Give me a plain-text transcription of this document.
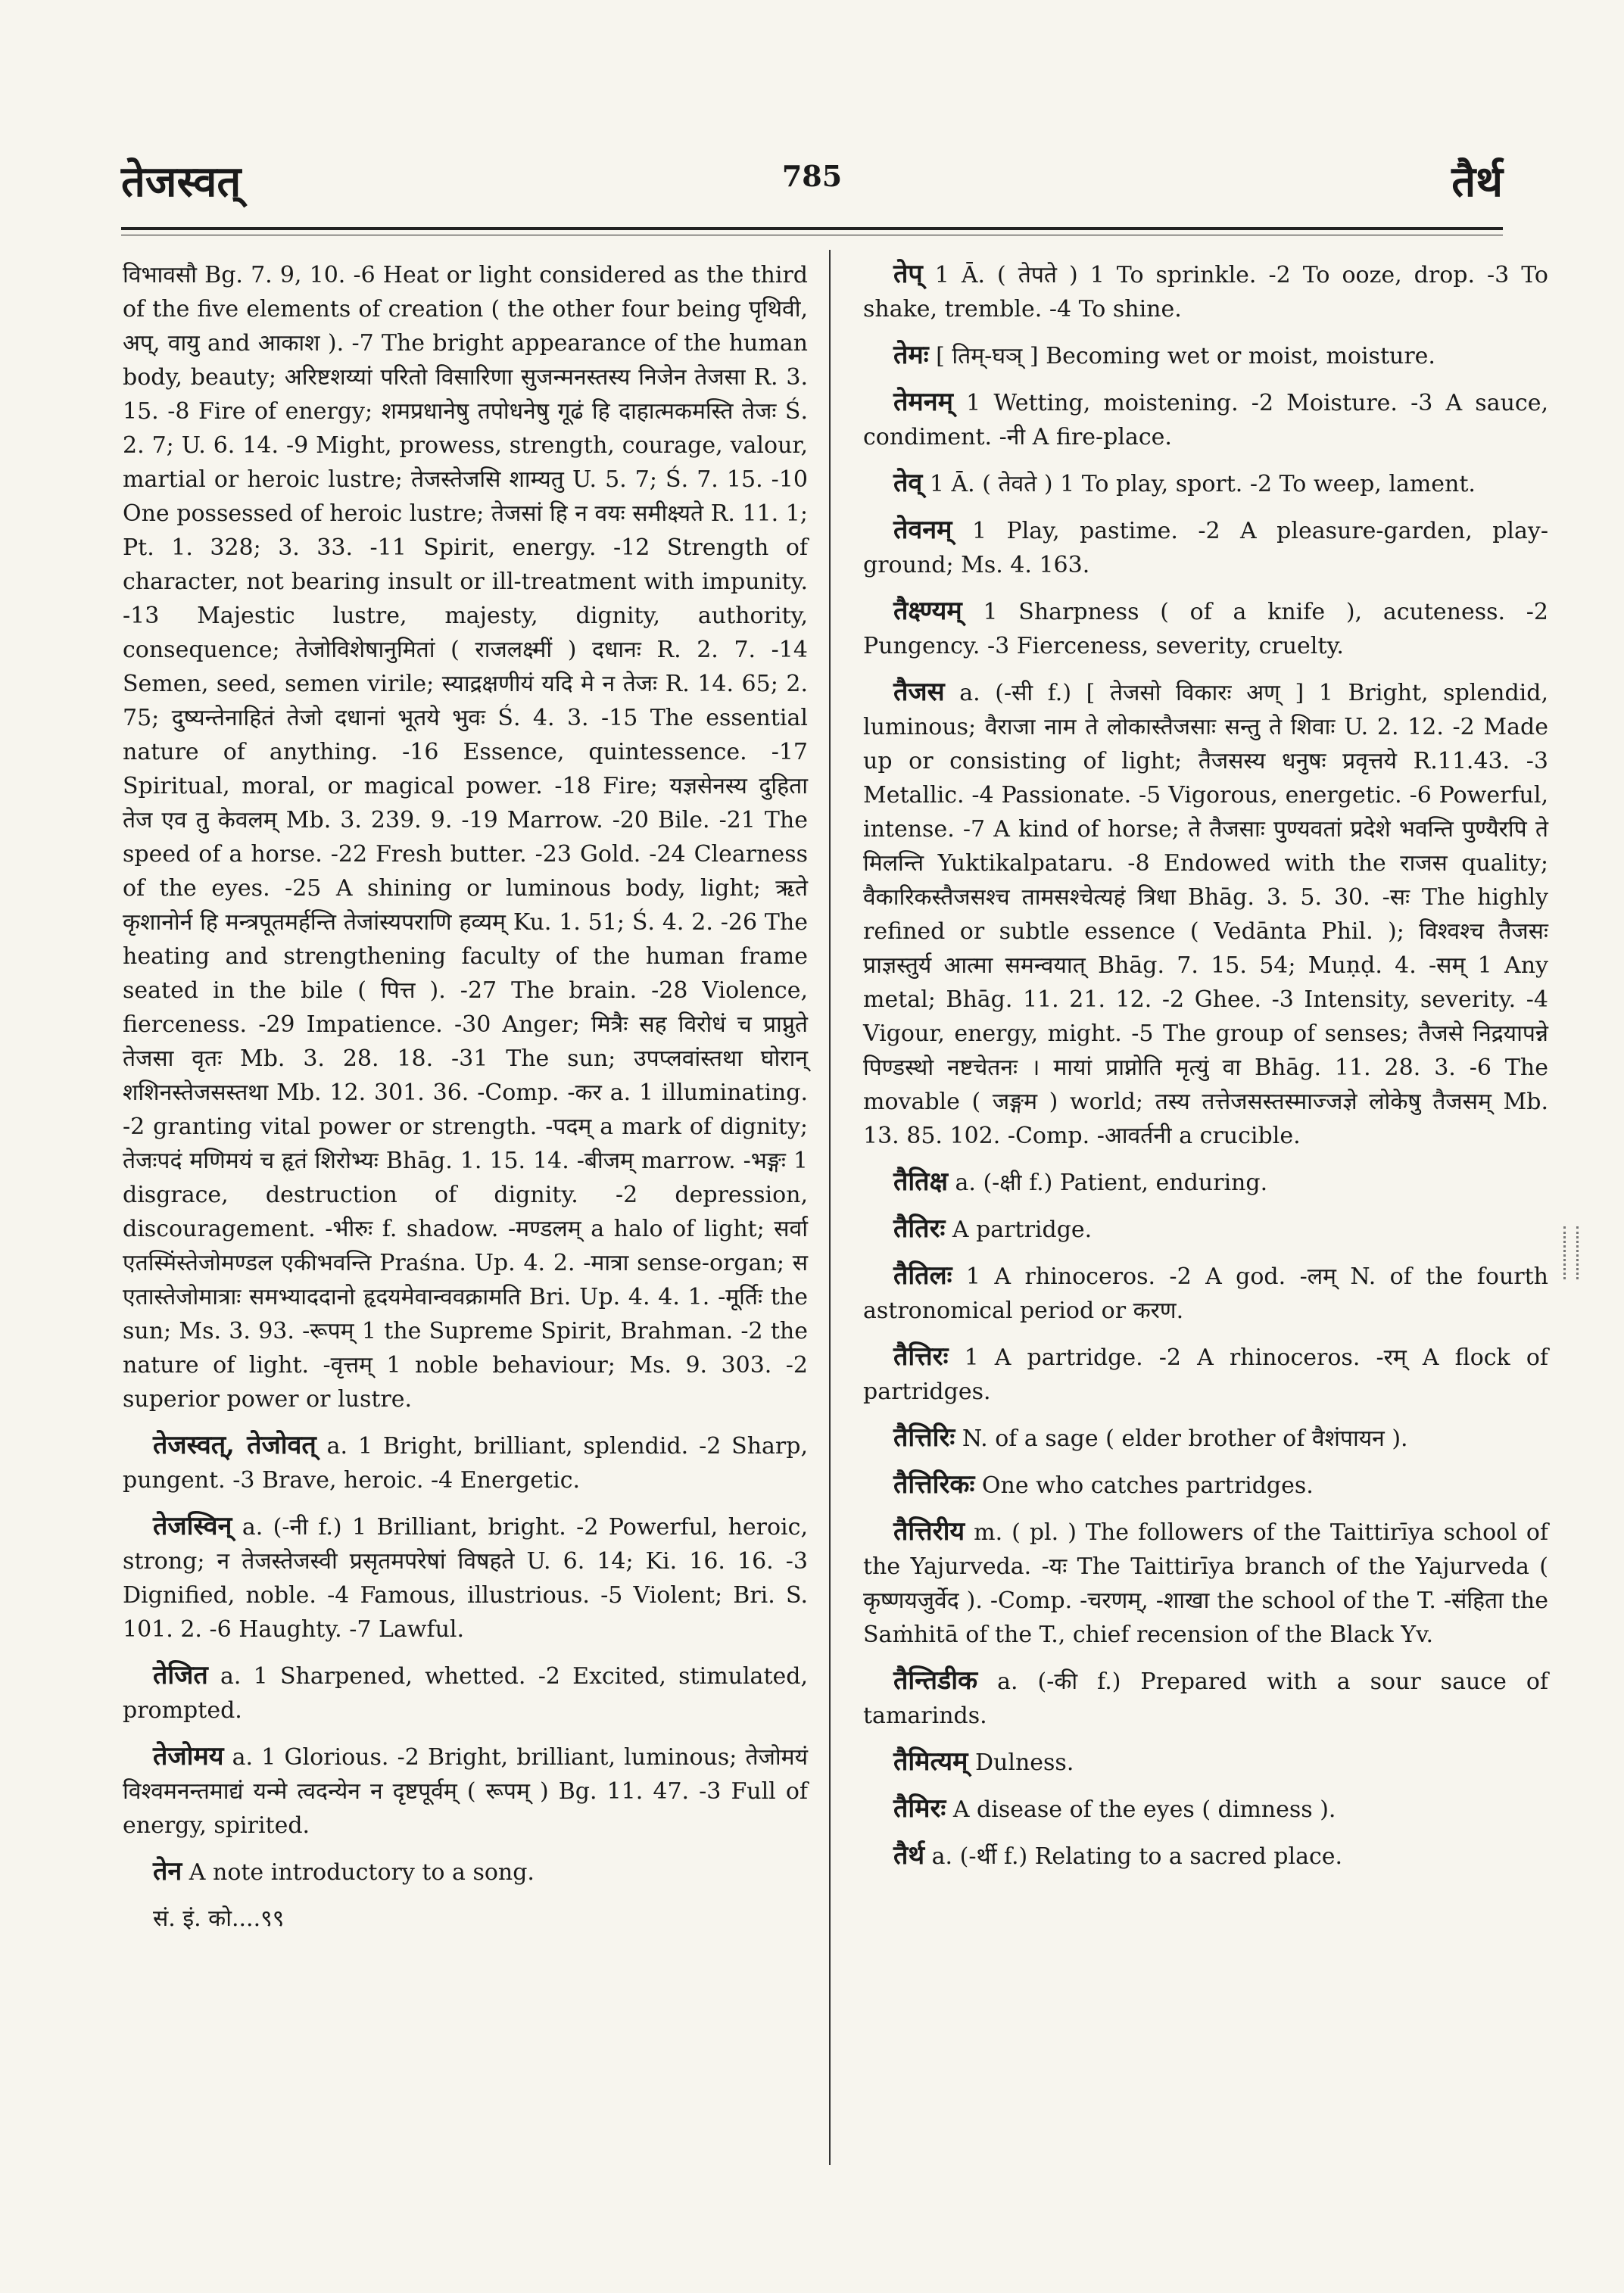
तेजस्वत्	785	तैर्थ

विभावसौ Bg. 7. 9, 10. -6 Heat or light considered as the third of the five elements of creation ( the other four being पृथिवी, अप्, वायु and आकाश ). -7 The bright appearance of the human body, beauty; अरिष्टशय्यां परितो विसारिणा सुजन्मनस्तस्य निजेन तेजसा R. 3. 15. -8 Fire of energy; शमप्रधानेषु तपोधनेषु गूढं हि दाहात्मकमस्ति तेजः Ś. 2. 7; U. 6. 14. -9 Might, prowess, strength, courage, valour, martial or heroic lustre; तेजस्तेजसि शाम्यतु U. 5. 7; Ś. 7. 15. -10 One possessed of heroic lustre; तेजसां हि न वयः समीक्ष्यते R. 11. 1; Pt. 1. 328; 3. 33. -11 Spirit, energy. -12 Strength of character, not bearing insult or ill-treatment with impunity. -13 Majestic lustre, majesty, dignity, authority, consequence; तेजोविशेषानुमितां ( राजलक्ष्मीं ) दधानः R. 2. 7. -14 Semen, seed, semen virile; स्याद्रक्षणीयं यदि मे न तेजः R. 14. 65; 2. 75; दुष्यन्तेनाहितं तेजो दधानां भूतये भुवः Ś. 4. 3. -15 The essential nature of anything. -16 Essence, quintessence. -17 Spiritual, moral, or magical power. -18 Fire; यज्ञसेनस्य दुहिता तेज एव तु केवलम् Mb. 3. 239. 9. -19 Marrow. -20 Bile. -21 The speed of a horse. -22 Fresh butter. -23 Gold. -24 Clearness of the eyes. -25 A shining or luminous body, light; ऋते कृशानोर्न हि मन्त्रपूतमर्हन्ति तेजांस्यपराणि हव्यम् Ku. 1. 51; Ś. 4. 2. -26 The heating and strengthening faculty of the human frame seated in the bile ( पित्त ). -27 The brain. -28 Violence, fierceness. -29 Impatience. -30 Anger; मित्रैः सह विरोधं च प्राप्नुते तेजसा वृतः Mb. 3. 28. 18. -31 The sun; उपप्लवांस्तथा घोरान् शशिनस्तेजसस्तथा Mb. 12. 301. 36. -Comp. -कर a. 1 illuminating. -2 granting vital power or strength. -पदम् a mark of dignity; तेजःपदं मणिमयं च हृतं शिरोभ्यः Bhāg. 1. 15. 14. -बीजम् marrow. -भङ्गः 1 disgrace, destruction of dignity. -2 depression, discouragement. -भीरुः f. shadow. -मण्डलम् a halo of light; सर्वा एतस्मिंस्तेजोमण्डल एकीभवन्ति Praśna. Up. 4. 2. -मात्रा sense-organ; स एतास्तेजोमात्राः समभ्याददानो हृदयमेवान्ववक्रामति Bri. Up. 4. 4. 1. -मूर्तिः the sun; Ms. 3. 93. -रूपम् 1 the Supreme Spirit, Brahman. -2 the nature of light. -वृत्तम् 1 noble behaviour; Ms. 9. 303. -2 superior power or lustre.

तेजस्वत्, तेजोवत् a. 1 Bright, brilliant, splendid. -2 Sharp, pungent. -3 Brave, heroic. -4 Energetic.

तेजस्विन् a. (-नी f.) 1 Brilliant, bright. -2 Powerful, heroic, strong; न तेजस्तेजस्वी प्रसृतमपरेषां विषहते U. 6. 14; Ki. 16. 16. -3 Dignified, noble. -4 Famous, illustrious. -5 Violent; Bri. S. 101. 2. -6 Haughty. -7 Lawful.

तेजित a. 1 Sharpened, whetted. -2 Excited, stimulated, prompted.

तेजोमय a. 1 Glorious. -2 Bright, brilliant, luminous; तेजोमयं विश्वमनन्तमाद्यं यन्मे त्वदन्येन न दृष्टपूर्वम् ( रूपम् ) Bg. 11. 47. -3 Full of energy, spirited.

तेन A note introductory to a song.

सं. इं. को....९९

तेप् 1 Ā. ( तेपते ) 1 To sprinkle. -2 To ooze, drop. -3 To shake, tremble. -4 To shine.

तेमः [ तिम्-घञ् ] Becoming wet or moist, moisture.

तेमनम् 1 Wetting, moistening. -2 Moisture. -3 A sauce, condiment. -नी A fire-place.

तेव् 1 Ā. ( तेवते ) 1 To play, sport. -2 To weep, lament.

तेवनम् 1 Play, pastime. -2 A pleasure-garden, play-ground; Ms. 4. 163.

तैक्ष्ण्यम् 1 Sharpness ( of a knife ), acuteness. -2 Pungency. -3 Fierceness, severity, cruelty.

तैजस a. (-सी f.) [ तेजसो विकारः अण् ] 1 Bright, splendid, luminous; वैराजा नाम ते लोकास्तैजसाः सन्तु ते शिवाः U. 2. 12. -2 Made up or consisting of light; तैजसस्य धनुषः प्रवृत्तये R.11.43. -3 Metallic. -4 Passionate. -5 Vigorous, energetic. -6 Powerful, intense. -7 A kind of horse; ते तैजसाः पुण्यवतां प्रदेशे भवन्ति पुण्यैरपि ते मिलन्ति Yuktikalpataru. -8 Endowed with the राजस quality; वैकारिकस्तैजसश्च तामसश्चेत्यहं त्रिधा Bhāg. 3. 5. 30. -सः The highly refined or subtle essence ( Vedānta Phil. ); विश्वश्च तैजसः प्राज्ञस्तुर्य आत्मा समन्वयात् Bhāg. 7. 15. 54; Muṇḍ. 4. -सम् 1 Any metal; Bhāg. 11. 21. 12. -2 Ghee. -3 Intensity, severity. -4 Vigour, energy, might. -5 The group of senses; तैजसे निद्रयापन्ने पिण्डस्थो नष्टचेतनः । मायां प्राप्नोति मृत्युं वा Bhāg. 11. 28. 3. -6 The movable ( जङ्गम ) world; तस्य तत्तेजसस्तस्माज्जज्ञे लोकेषु तैजसम् Mb. 13. 85. 102. -Comp. -आवर्तनी a crucible.

तैतिक्ष a. (-क्षी f.) Patient, enduring.

तैतिरः A partridge.

तैतिलः 1 A rhinoceros. -2 A god. -लम् N. of the fourth astronomical period or करण.

तैत्तिरः 1 A partridge. -2 A rhinoceros. -रम् A flock of partridges.

तैत्तिरिः N. of a sage ( elder brother of वैशंपायन ).

तैत्तिरिकः One who catches partridges.

तैत्तिरीय m. ( pl. ) The followers of the Taittirīya school of the Yajurveda. -यः The Taittirīya branch of the Yajurveda ( कृष्णयजुर्वेद ). -Comp. -चरणम्, -शाखा the school of the T. -संहिता the Saṁhitā of the T., chief recension of the Black Yv.

तैन्तिडीक a. (-की f.) Prepared with a sour sauce of tamarinds.

तैमित्यम् Dulness.

तैमिरः A disease of the eyes ( dimness ).

तैर्थ a. (-र्थी f.) Relating to a sacred place.
